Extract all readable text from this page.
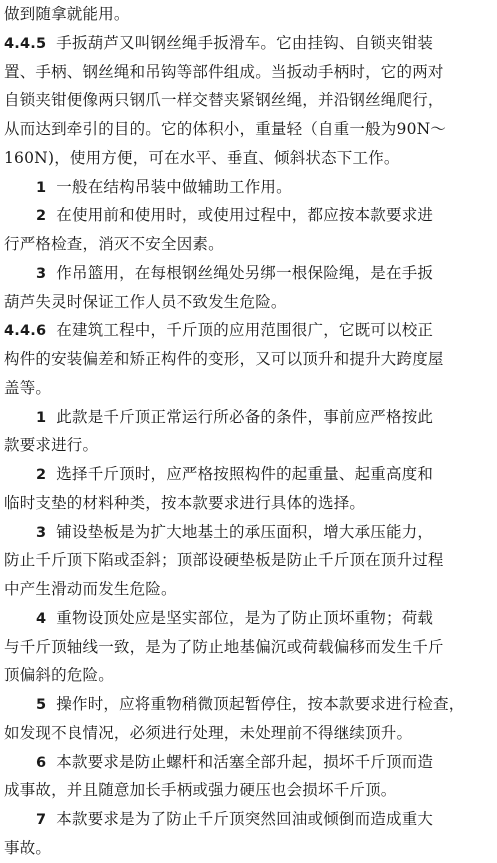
做到随拿就能用。
4.4.5 手扳葫芦又叫钢丝绳手扳滑车。它由挂钩、自锁夹钳装
置、手柄、钢丝绳和吊钩等部件组成。当扳动手柄时，它的两对
自锁夹钳便像两只钢爪一样交替夹紧钢丝绳，并沿钢丝绳爬行，
从而达到牵引的目的。它的体积小，重量轻（自重一般为90N～
160N)，使用方便，可在水平、垂直、倾斜状态下工作。
1 一般在结构吊装中做辅助工作用。
2 在使用前和使用时，或使用过程中，都应按本款要求进
行严格检查，消灭不安全因素。
3 作吊篮用，在每根钢丝绳处另绑一根保险绳，是在手扳
葫芦失灵时保证工作人员不致发生危险。
4.4.6 在建筑工程中，千斤顶的应用范围很广，它既可以校正
构件的安装偏差和矫正构件的变形，又可以顶升和提升大跨度屋
盖等。
1 此款是千斤顶正常运行所必备的条件，事前应严格按此
款要求进行。
2 选择千斤顶时，应严格按照构件的起重量、起重高度和
临时支垫的材料种类，按本款要求进行具体的选择。
3 铺设垫板是为扩大地基土的承压面积，增大承压能力，
防止千斤顶下陷或歪斜；顶部设硬垫板是防止千斤顶在顶升过程
中产生滑动而发生危险。
4 重物设顶处应是坚实部位，是为了防止顶坏重物；荷载
与千斤顶轴线一致，是为了防止地基偏沉或荷载偏移而发生千斤
顶偏斜的危险。
5 操作时，应将重物稍微顶起暂停住，按本款要求进行检查，
如发现不良情况，必须进行处理，未处理前不得继续顶升。
6 本款要求是防止螺杆和活塞全部升起，损坏千斤顶而造
成事故，并且随意加长手柄或强力硬压也会损坏千斤顶。
7 本款要求是为了防止千斤顶突然回油或倾倒而造成重大
事故。
